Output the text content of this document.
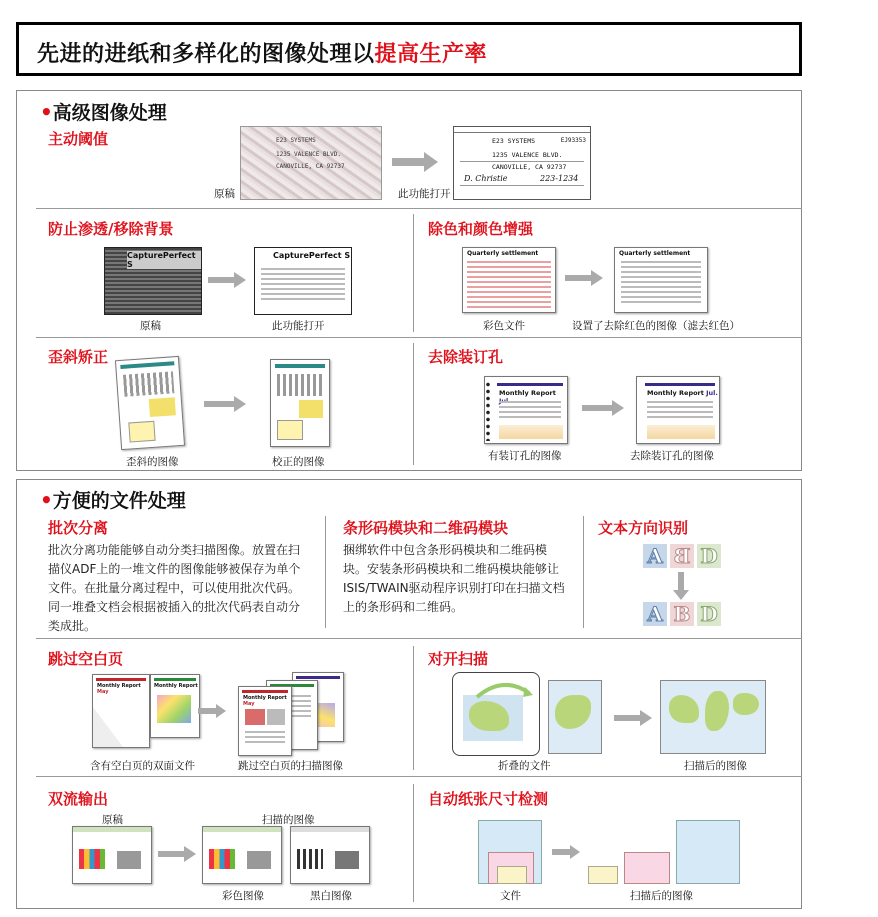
先进的进纸和多样化的图像处理以提高生产率
•高级图像处理
主动阈值	E23 SYSTEMS
1235 VALENCE BLVD.
CANOVILLE, CA 92737
原稿	此功能打开
E23 SYSTEMS	EJ93353
1235 VALENCE BLVD.
CANOVILLE, CA 92737
D. Christie	223-1234
防止渗透/移除背景
CapturePerfect S
原稿
CapturePerfect S
此功能打开
除色和颜色增强
Quarterly settlement
彩色文件
Quarterly settlement
设置了去除红色的图像（滤去红色）
歪斜矫正
歪斜的图像	校正的图像
去除装订孔
Monthly Report
有装订孔的图像
Monthly Report Jul.
去除装订孔的图像
•方便的文件处理
批次分离
批次分离功能能够自动分类扫描图像。放置在扫描仪ADF上的一堆文件的图像能够被保存为单个文件。在批量分离过程中，可以使用批次代码。同一堆叠文档会根据被插入的批次代码表自动分类成批。
条形码模块和二维码模块
捆绑软件中包含条形码模块和二维码模块。安装条形码模块和二维码模块能够让ISIS/TWAIN驱动程序识别打印在扫描文档上的条形码和二维码。
文本方向识别
A B D
A B D
跳过空白页
Monthly Report May
Monthly Report
含有空白页的双面文件
Monthly Report May
跳过空白页的扫描图像
对开扫描
折叠的文件	扫描后的图像
双流输出
原稿	扫描的图像
彩色图像	黑白图像
自动纸张尺寸检测
文件	扫描后的图像
